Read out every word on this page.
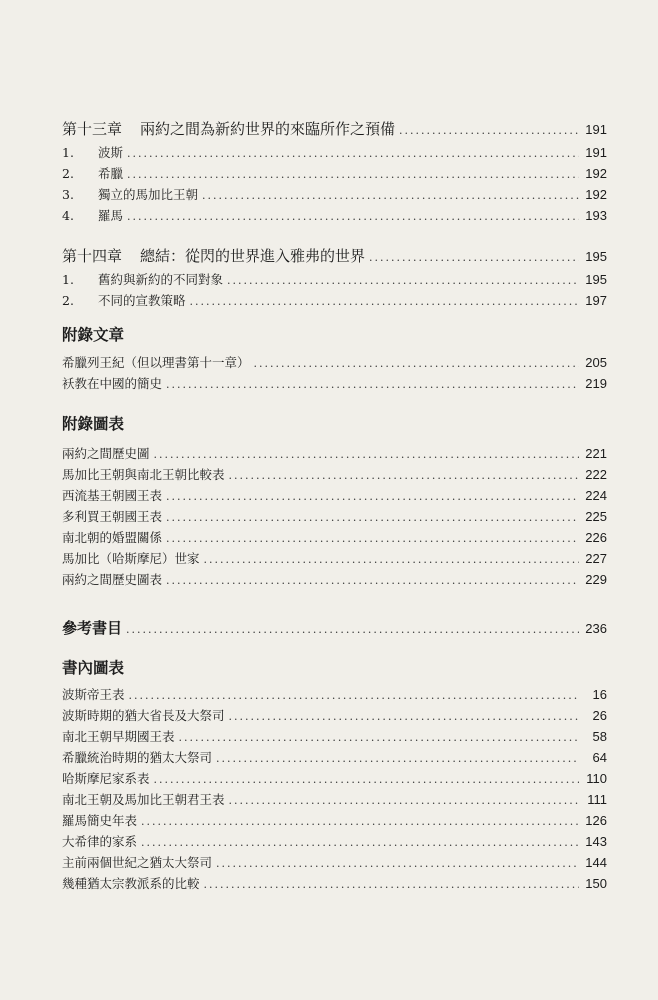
第十三章 兩約之間為新約世界的來臨所作之預備 .....	191
1.	波斯 .....	191
2.	希臘 .....	192
3.	獨立的馬加比王朝 .....	192
4.	羅馬 .....	193
第十四章 總結：從閃的世界進入雅弗的世界 .....	195
1.	舊約與新約的不同對象 .....	195
2.	不同的宣教策略 .....	197
附錄文章
希臘列王紀（但以理書第十一章） .....	205
袄教在中國的簡史 .....	219
附錄圖表
兩約之間歷史圖 .....	221
馬加比王朝與南北王朝比較表 .....	222
西流基王朝國王表 .....	224
多利買王朝國王表 .....	225
南北朝的婚盟關係 .....	226
馬加比（哈斯摩尼）世家 .....	227
兩約之間歷史圖表 .....	229
參考書目 .....	236
書內圖表
波斯帝王表 .....	16
波斯時期的猶大省長及大祭司 .....	26
南北王朝早期國王表 .....	58
希臘統治時期的猶太大祭司 .....	64
哈斯摩尼家系表 .....	110
南北王朝及馬加比王朝君王表 .....	111
羅馬簡史年表 .....	126
大希律的家系 .....	143
主前兩個世紀之猶太大祭司 .....	144
幾種猶太宗教派系的比較 .....	150
